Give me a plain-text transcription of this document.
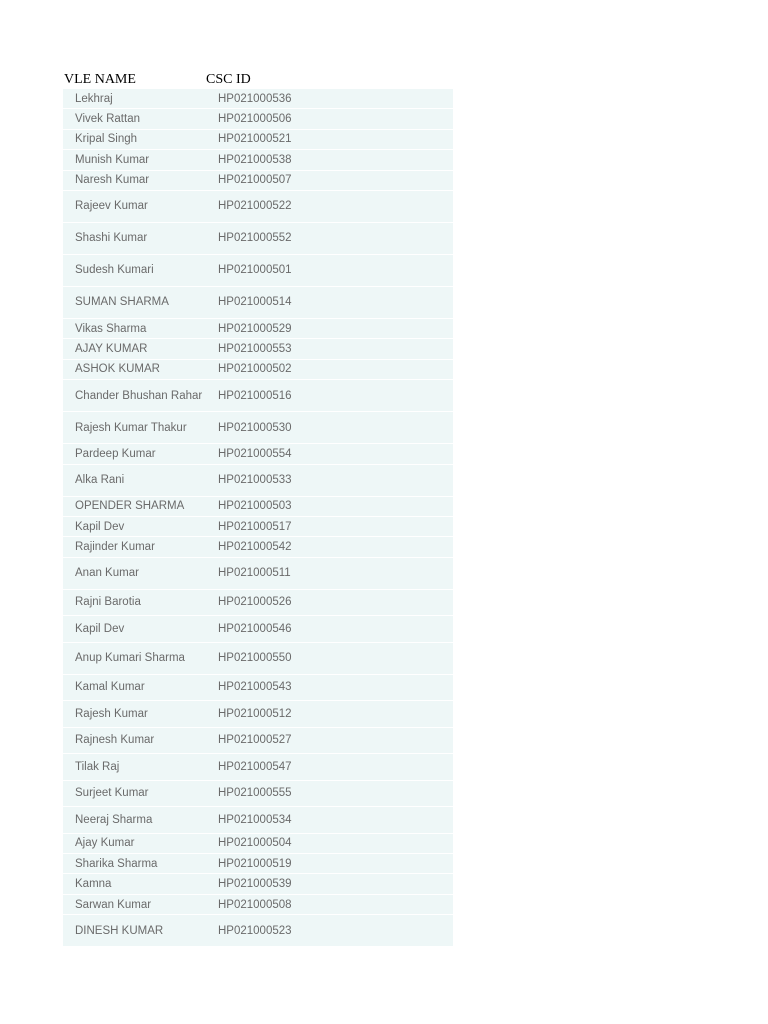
VLE NAME	CSC ID
Lekhraj	HP021000536
Vivek Rattan	HP021000506
Kripal Singh	HP021000521
Munish Kumar	HP021000538
Naresh Kumar	HP021000507
Rajeev Kumar	HP021000522
Shashi Kumar	HP021000552
Sudesh Kumari	HP021000501
SUMAN SHARMA	HP021000514
Vikas Sharma	HP021000529
AJAY KUMAR	HP021000553
ASHOK KUMAR	HP021000502
Chander Bhushan Rahar HP021000516
Rajesh Kumar Thakur	HP021000530
Pardeep Kumar	HP021000554
Alka Rani	HP021000533
OPENDER SHARMA	HP021000503
Kapil Dev	HP021000517
Rajinder Kumar	HP021000542
Anan Kumar	HP021000511
Rajni Barotia	HP021000526
Kapil Dev	HP021000546
Anup Kumari Sharma	HP021000550
Kamal Kumar	HP021000543
Rajesh Kumar	HP021000512
Rajnesh Kumar	HP021000527
Tilak Raj	HP021000547
Surjeet Kumar	HP021000555
Neeraj Sharma	HP021000534
Ajay Kumar	HP021000504
Sharika Sharma	HP021000519
Kamna	HP021000539
Sarwan Kumar	HP021000508
DINESH KUMAR	HP021000523
